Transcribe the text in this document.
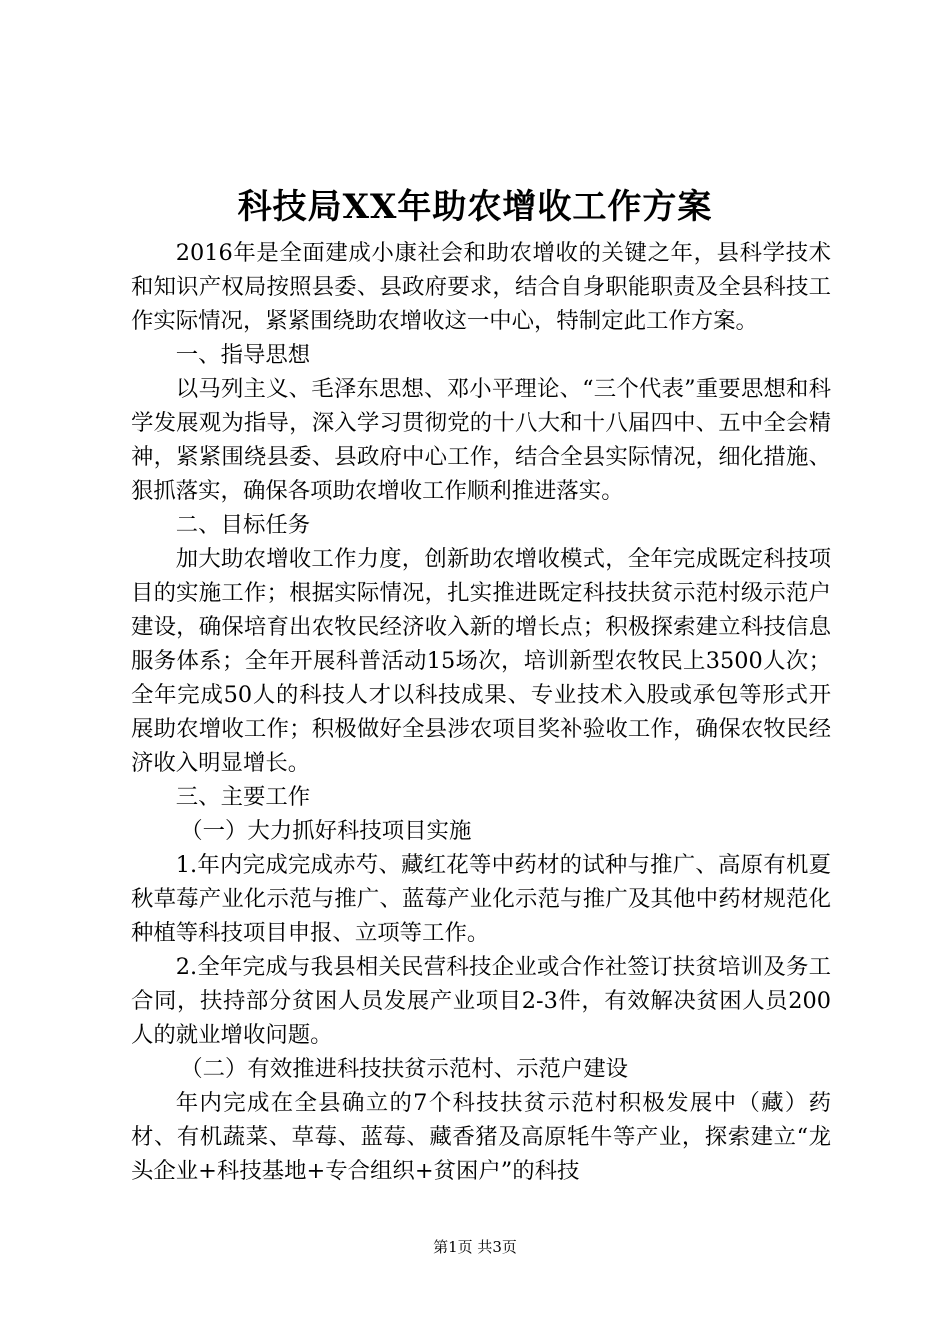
科技局XX年助农增收工作方案

2016年是全面建成小康社会和助农增收的关键之年，县科学技术和知识产权局按照县委、县政府要求，结合自身职能职责及全县科技工作实际情况，紧紧围绕助农增收这一中心，特制定此工作方案。

一、指导思想

以马列主义、毛泽东思想、邓小平理论、“三个代表”重要思想和科学发展观为指导，深入学习贯彻党的十八大和十八届四中、五中全会精神，紧紧围绕县委、县政府中心工作，结合全县实际情况，细化措施、狠抓落实，确保各项助农增收工作顺利推进落实。

二、目标任务

加大助农增收工作力度，创新助农增收模式，全年完成既定科技项目的实施工作；根据实际情况，扎实推进既定科技扶贫示范村级示范户建设，确保培育出农牧民经济收入新的增长点；积极探索建立科技信息服务体系；全年开展科普活动15场次，培训新型农牧民上3500人次；全年完成50人的科技人才以科技成果、专业技术入股或承包等形式开展助农增收工作；积极做好全县涉农项目奖补验收工作，确保农牧民经济收入明显增长。

三、主要工作

（一）大力抓好科技项目实施

1.年内完成完成赤芍、藏红花等中药材的试种与推广、高原有机夏秋草莓产业化示范与推广、蓝莓产业化示范与推广及其他中药材规范化种植等科技项目申报、立项等工作。

2.全年完成与我县相关民营科技企业或合作社签订扶贫培训及务工合同，扶持部分贫困人员发展产业项目2-3件，有效解决贫困人员200人的就业增收问题。

（二）有效推进科技扶贫示范村、示范户建设

年内完成在全县确立的7个科技扶贫示范村积极发展中（藏）药材、有机蔬菜、草莓、蓝莓、藏香猪及高原牦牛等产业，探索建立“龙头企业+科技基地+专合组织+贫困户”的科技

第1页 共3页
